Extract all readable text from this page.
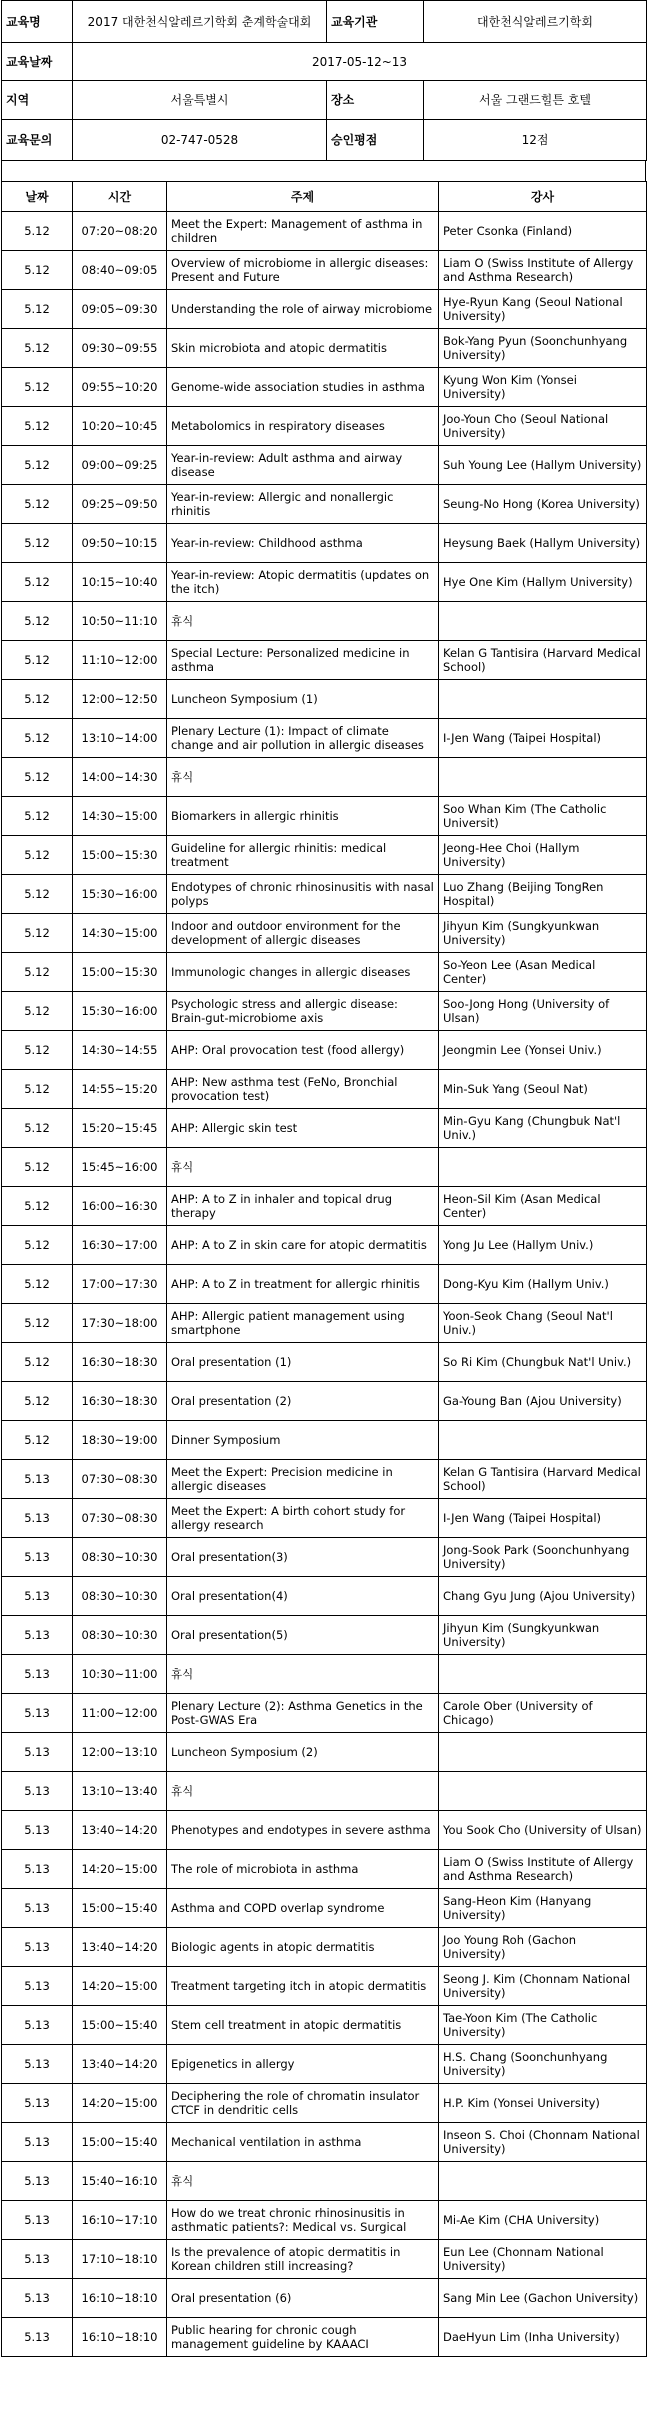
교육명	2017 대한천식알레르기학회 춘계학술대회	교육기관	대한천식알레르기학회
교육날짜	2017-05-12~13		
지역	서울특별시	장소	서울 그랜드힐튼 호텔
교육문의	02-747-0528	승인평점	12점
날짜	시간	주제	강사
5.12	07:20~08:20	Meet the Expert: Management of asthma in children	Peter Csonka (Finland)
5.12	08:40~09:05	Overview of microbiome in allergic diseases: Present and Future	Liam O (Swiss Institute of Allergy and Asthma Research)
5.12	09:05~09:30	Understanding the role of airway microbiome	Hye-Ryun Kang (Seoul National University)
5.12	09:30~09:55	Skin microbiota and atopic dermatitis	Bok-Yang Pyun (Soonchunhyang University)
5.12	09:55~10:20	Genome-wide association studies in asthma	Kyung Won Kim (Yonsei University)
5.12	10:20~10:45	Metabolomics in respiratory diseases	Joo-Youn Cho (Seoul National University)
5.12	09:00~09:25	Year-in-review: Adult asthma and airway disease	Suh Young Lee (Hallym University)
5.12	09:25~09:50	Year-in-review: Allergic and nonallergic rhinitis	Seung-No Hong (Korea University)
5.12	09:50~10:15	Year-in-review: Childhood asthma	Heysung Baek (Hallym University)
5.12	10:15~10:40	Year-in-review: Atopic dermatitis (updates on the itch)	Hye One Kim (Hallym University)
5.12	10:50~11:10	휴식	
5.12	11:10~12:00	Special Lecture: Personalized medicine in asthma	Kelan G Tantisira (Harvard Medical School)
5.12	12:00~12:50	Luncheon Symposium (1)	
5.12	13:10~14:00	Plenary Lecture (1): Impact of climate change and air pollution in allergic diseases	I-Jen Wang (Taipei Hospital)
5.12	14:00~14:30	휴식	
5.12	14:30~15:00	Biomarkers in allergic rhinitis	Soo Whan Kim (The Catholic Universit)
5.12	15:00~15:30	Guideline for allergic rhinitis: medical treatment	Jeong-Hee Choi (Hallym University)
5.12	15:30~16:00	Endotypes of chronic rhinosinusitis with nasal polyps	Luo Zhang (Beijing TongRen Hospital)
5.12	14:30~15:00	Indoor and outdoor environment for the development of allergic diseases	Jihyun Kim (Sungkyunkwan University)
5.12	15:00~15:30	Immunologic changes in allergic diseases	So-Yeon Lee (Asan Medical Center)
5.12	15:30~16:00	Psychologic stress and allergic disease: Brain-gut-microbiome axis	Soo-Jong Hong (University of Ulsan)
5.12	14:30~14:55	AHP: Oral provocation test (food allergy)	Jeongmin Lee (Yonsei Univ.)
5.12	14:55~15:20	AHP: New asthma test (FeNo, Bronchial provocation test)	Min-Suk Yang (Seoul Nat)
5.12	15:20~15:45	AHP: Allergic skin test	Min-Gyu Kang (Chungbuk Nat'l Univ.)
5.12	15:45~16:00	휴식	
5.12	16:00~16:30	AHP: A to Z in inhaler and topical drug therapy	Heon-Sil Kim (Asan Medical Center)
5.12	16:30~17:00	AHP: A to Z in skin care for atopic dermatitis	Yong Ju Lee (Hallym Univ.)
5.12	17:00~17:30	AHP: A to Z in treatment for allergic rhinitis	Dong-Kyu Kim (Hallym Univ.)
5.12	17:30~18:00	AHP: Allergic patient management using smartphone	Yoon-Seok Chang (Seoul Nat'l Univ.)
5.12	16:30~18:30	Oral presentation (1)	So Ri Kim (Chungbuk Nat'l Univ.)
5.12	16:30~18:30	Oral presentation (2)	Ga-Young Ban (Ajou University)
5.12	18:30~19:00	Dinner Symposium	
5.13	07:30~08:30	Meet the Expert: Precision medicine in allergic diseases	Kelan G Tantisira (Harvard Medical School)
5.13	07:30~08:30	Meet the Expert: A birth cohort study for allergy research	I-Jen Wang (Taipei Hospital)
5.13	08:30~10:30	Oral presentation(3)	Jong-Sook Park (Soonchunhyang University)
5.13	08:30~10:30	Oral presentation(4)	Chang Gyu Jung (Ajou University)
5.13	08:30~10:30	Oral presentation(5)	Jihyun Kim (Sungkyunkwan University)
5.13	10:30~11:00	휴식	
5.13	11:00~12:00	Plenary Lecture (2): Asthma Genetics in the Post-GWAS Era	Carole Ober (University of Chicago)
5.13	12:00~13:10	Luncheon Symposium (2)	
5.13	13:10~13:40	휴식	
5.13	13:40~14:20	Phenotypes and endotypes in severe asthma	You Sook Cho (University of Ulsan)
5.13	14:20~15:00	The role of microbiota in asthma	Liam O (Swiss Institute of Allergy and Asthma Research)
5.13	15:00~15:40	Asthma and COPD overlap syndrome	Sang-Heon Kim (Hanyang University)
5.13	13:40~14:20	Biologic agents in atopic dermatitis	Joo Young Roh (Gachon University)
5.13	14:20~15:00	Treatment targeting itch in atopic dermatitis	Seong J. Kim (Chonnam National University)
5.13	15:00~15:40	Stem cell treatment in atopic dermatitis	Tae-Yoon Kim (The Catholic University)
5.13	13:40~14:20	Epigenetics in allergy	H.S. Chang (Soonchunhyang University)
5.13	14:20~15:00	Deciphering the role of chromatin insulator CTCF in dendritic cells	H.P. Kim (Yonsei University)
5.13	15:00~15:40	Mechanical ventilation in asthma	Inseon S. Choi (Chonnam National University)
5.13	15:40~16:10	휴식	
5.13	16:10~17:10	How do we treat chronic rhinosinusitis in asthmatic patients?: Medical vs. Surgical	Mi-Ae Kim (CHA University)
5.13	17:10~18:10	Is the prevalence of atopic dermatitis in Korean children still increasing?	Eun Lee (Chonnam National University)
5.13	16:10~18:10	Oral presentation (6)	Sang Min Lee (Gachon University)
5.13	16:10~18:10	Public hearing for chronic cough management guideline by KAAACI	DaeHyun Lim (Inha University)
